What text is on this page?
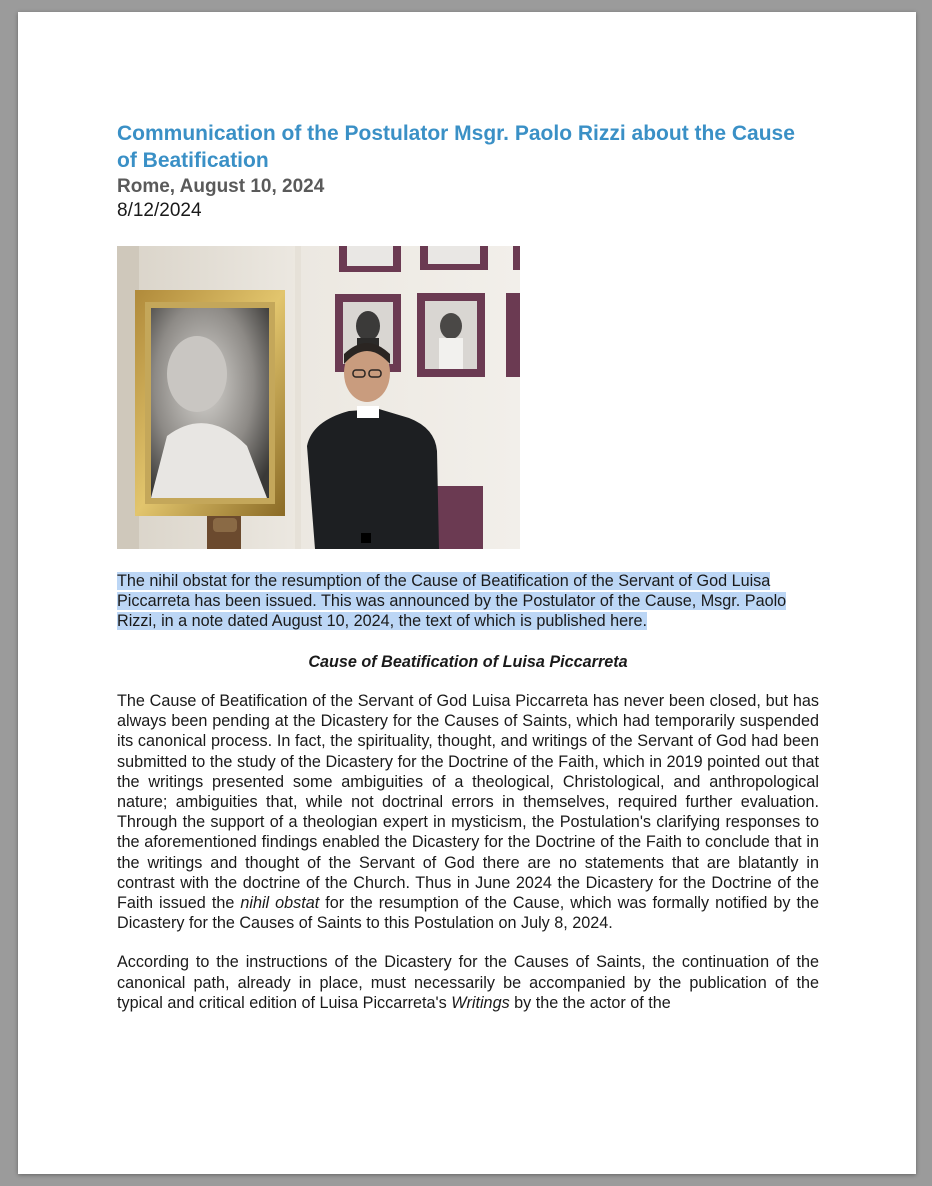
Communication of the Postulator Msgr. Paolo Rizzi about the Cause of Beatification

Rome, August 10, 2024

8/12/2024

The nihil obstat for the resumption of the Cause of Beatification of the Servant of God Luisa Piccarreta has been issued. This was announced by the Postulator of the Cause, Msgr. Paolo Rizzi, in a note dated August 10, 2024, the text of which is published here.

Cause of Beatification of Luisa Piccarreta

The Cause of Beatification of the Servant of God Luisa Piccarreta has never been closed, but has always been pending at the Dicastery for the Causes of Saints, which had temporarily suspended its canonical process. In fact, the spirituality, thought, and writings of the Servant of God had been submitted to the study of the Dicastery for the Doctrine of the Faith, which in 2019 pointed out that the writings presented some ambiguities of a theological, Christological, and anthropological nature; ambiguities that, while not doctrinal errors in themselves, required further evaluation. Through the support of a theologian expert in mysticism, the Postulation's clarifying responses to the aforementioned findings enabled the Dicastery for the Doctrine of the Faith to conclude that in the writings and thought of the Servant of God there are no statements that are blatantly in contrast with the doctrine of the Church. Thus in June 2024 the Dicastery for the Doctrine of the Faith issued the nihil obstat for the resumption of the Cause, which was formally notified by the Dicastery for the Causes of Saints to this Postulation on July 8, 2024.

According to the instructions of the Dicastery for the Causes of Saints, the continuation of the canonical path, already in place, must necessarily be accompanied by the publication of the typical and critical edition of Luisa Piccarreta's Writings by the the actor of the
